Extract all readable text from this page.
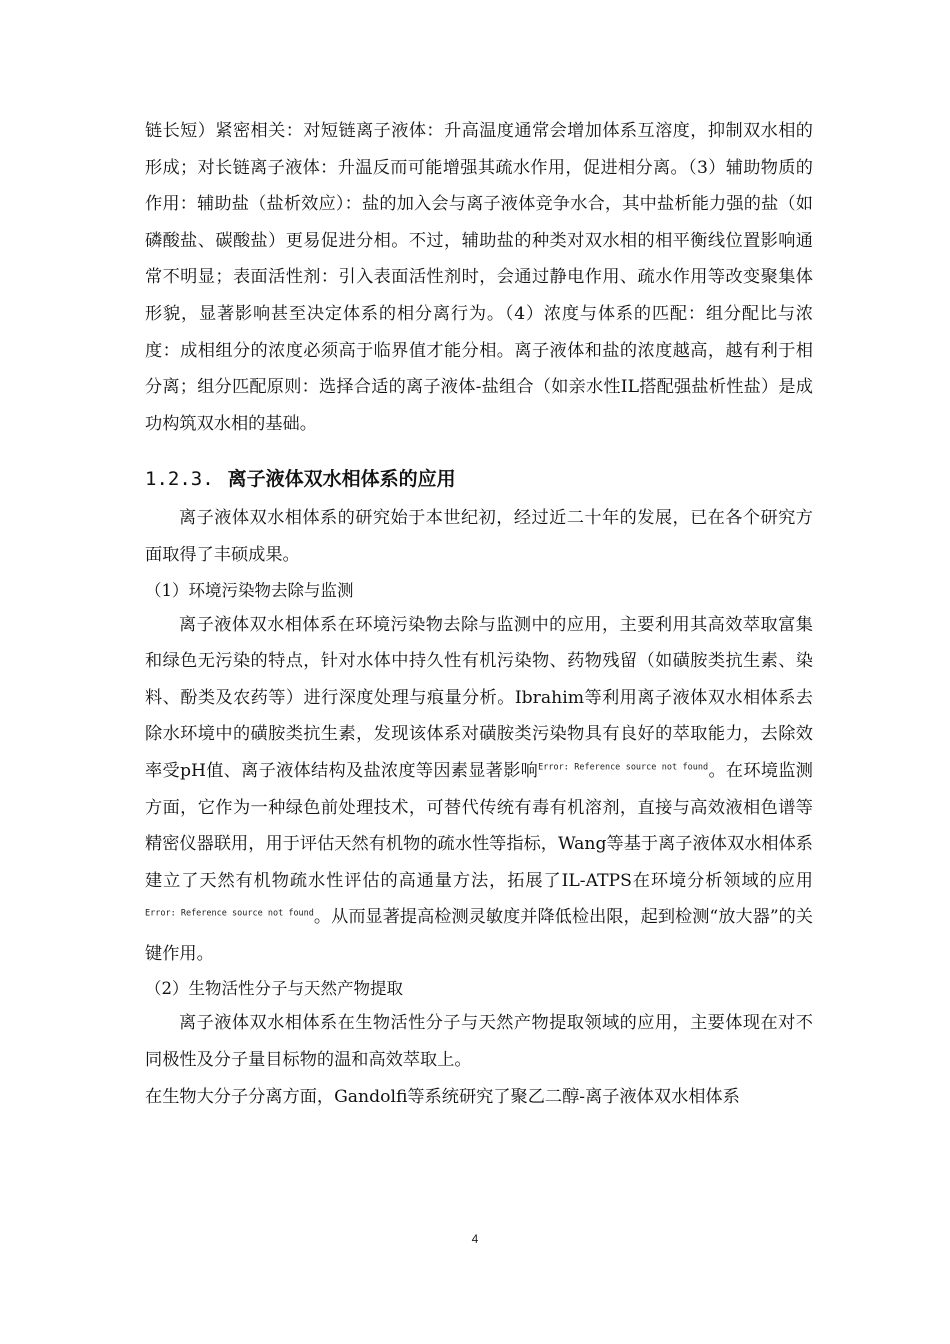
链长短）紧密相关：对短链离子液体：升高温度通常会增加体系互溶度，抑制双水相的形成；对长链离子液体：升温反而可能增强其疏水作用，促进相分离。（3）辅助物质的作用：辅助盐（盐析效应）：盐的加入会与离子液体竞争水合，其中盐析能力强的盐（如磷酸盐、碳酸盐）更易促进分相。不过，辅助盐的种类对双水相的相平衡线位置影响通常不明显；表面活性剂：引入表面活性剂时，会通过静电作用、疏水作用等改变聚集体形貌，显著影响甚至决定体系的相分离行为。（4）浓度与体系的匹配：组分配比与浓度：成相组分的浓度必须高于临界值才能分相。离子液体和盐的浓度越高，越有利于相分离；组分匹配原则：选择合适的离子液体-盐组合（如亲水性IL搭配强盐析性盐）是成功构筑双水相的基础。

1.2.3. 离子液体双水相体系的应用

离子液体双水相体系的研究始于本世纪初，经过近二十年的发展，已在各个研究方面取得了丰硕成果。

（1）环境污染物去除与监测

离子液体双水相体系在环境污染物去除与监测中的应用，主要利用其高效萃取富集和绿色无污染的特点，针对水体中持久性有机污染物、药物残留（如磺胺类抗生素、染料、酚类及农药等）进行深度处理与痕量分析。Ibrahim等利用离子液体双水相体系去除水环境中的磺胺类抗生素，发现该体系对磺胺类污染物具有良好的萃取能力，去除效率受pH值、离子液体结构及盐浓度等因素显著影响$^{Error: Reference source not found}$。在环境监测方面，它作为一种绿色前处理技术，可替代传统有毒有机溶剂，直接与高效液相色谱等精密仪器联用，用于评估天然有机物的疏水性等指标，Wang等基于离子液体双水相体系建立了天然有机物疏水性评估的高通量方法，拓展了IL-ATPS在环境分析领域的应用$^{Error: Reference source not found}$。从而显著提高检测灵敏度并降低检出限，起到检测“放大器”的关键作用。

（2）生物活性分子与天然产物提取

离子液体双水相体系在生物活性分子与天然产物提取领域的应用，主要体现在对不同极性及分子量目标物的温和高效萃取上。

在生物大分子分离方面，Gandolfi等系统研究了聚乙二醇-离子液体双水相体系

4
